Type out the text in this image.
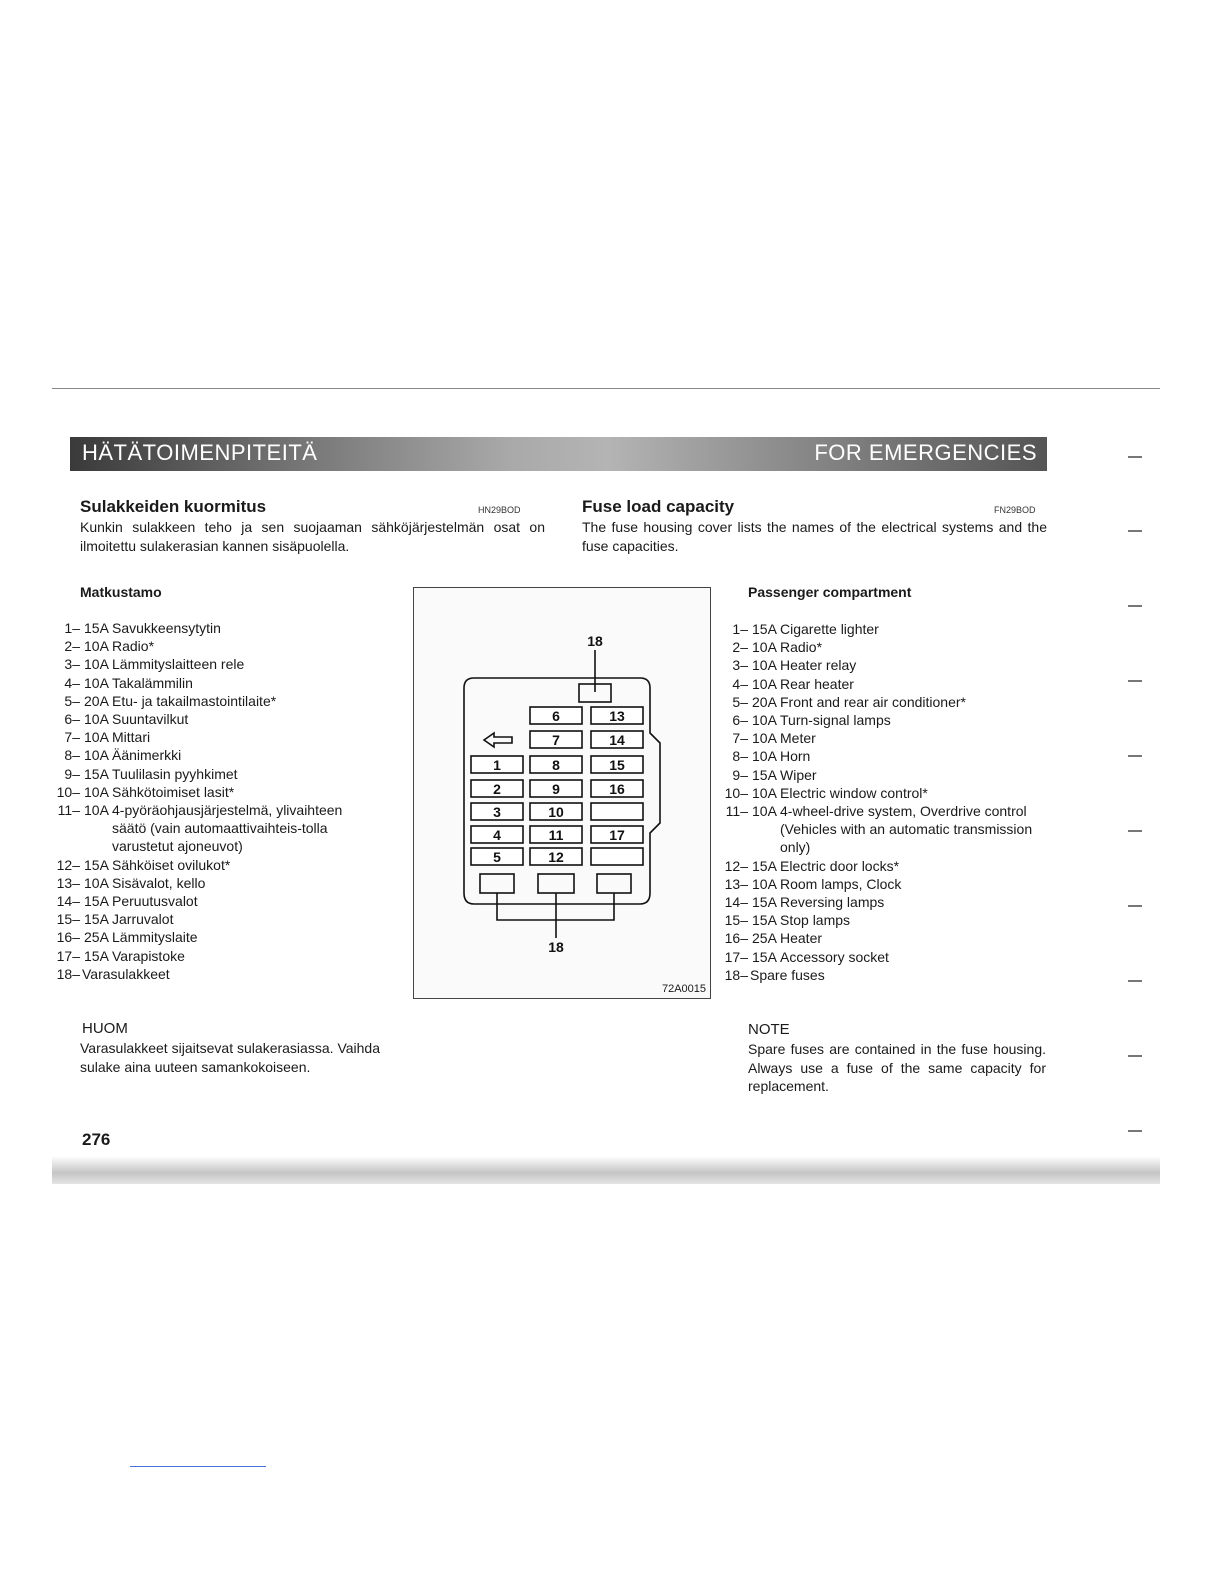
HÄTÄTOIMENPITEITÄ	FOR EMERGENCIES
Sulakkeiden kuormitus	HN29BOD
Kunkin sulakkeen teho ja sen suojaaman sähköjärjestelmän osat on ilmoitettu sulakerasian kannen sisäpuolella.
Fuse load capacity	FN29BOD
The fuse housing cover lists the names of the electrical systems and the fuse capacities.
Matkustamo
1– 15A Savukkeensytytin
2– 10A Radio*
3– 10A Lämmityslaitteen rele
4– 10A Takalämmilin
5– 20A Etu- ja takailmastointilaite*
6– 10A Suuntavilkut
7– 10A Mittari
8– 10A Äänimerkki
9– 15A Tuulilasin pyyhkimet
10– 10A Sähkötoimiset lasit*
11– 10A 4-pyöräohjausjärjestelmä, ylivaihteen säätö (vain automaattivaihteis-tolla varustetut ajoneuvot)
12– 15A Sähköiset ovilukot*
13– 10A Sisävalot, kello
14– 15A Peruutusvalot
15– 15A Jarruvalot
16– 25A Lämmityslaite
17– 15A Varapistoke
18– Varasulakkeet
Passenger compartment
1– 15A Cigarette lighter
2– 10A Radio*
3– 10A Heater relay
4– 10A Rear heater
5– 20A Front and rear air conditioner*
6– 10A Turn-signal lamps
7– 10A Meter
8– 10A Horn
9– 15A Wiper
10– 10A Electric window control*
11– 10A 4-wheel-drive system, Overdrive control
(Vehicles with an automatic transmission only)
12– 15A Electric door locks*
13– 10A Room lamps, Clock
14– 15A Reversing lamps
15– 15A Stop lamps
16– 25A Heater
17– 15A Accessory socket
18– Spare fuses
18
18
6	13
7	14
1	8	15
2	9	16
3	10
4	11	17
5	12
72A0015
HUOM
Varasulakkeet sijaitsevat sulakerasiassa. Vaihda sulake aina uuteen samankokoiseen.
NOTE
Spare fuses are contained in the fuse housing. Always use a fuse of the same capacity for replacement.
276
